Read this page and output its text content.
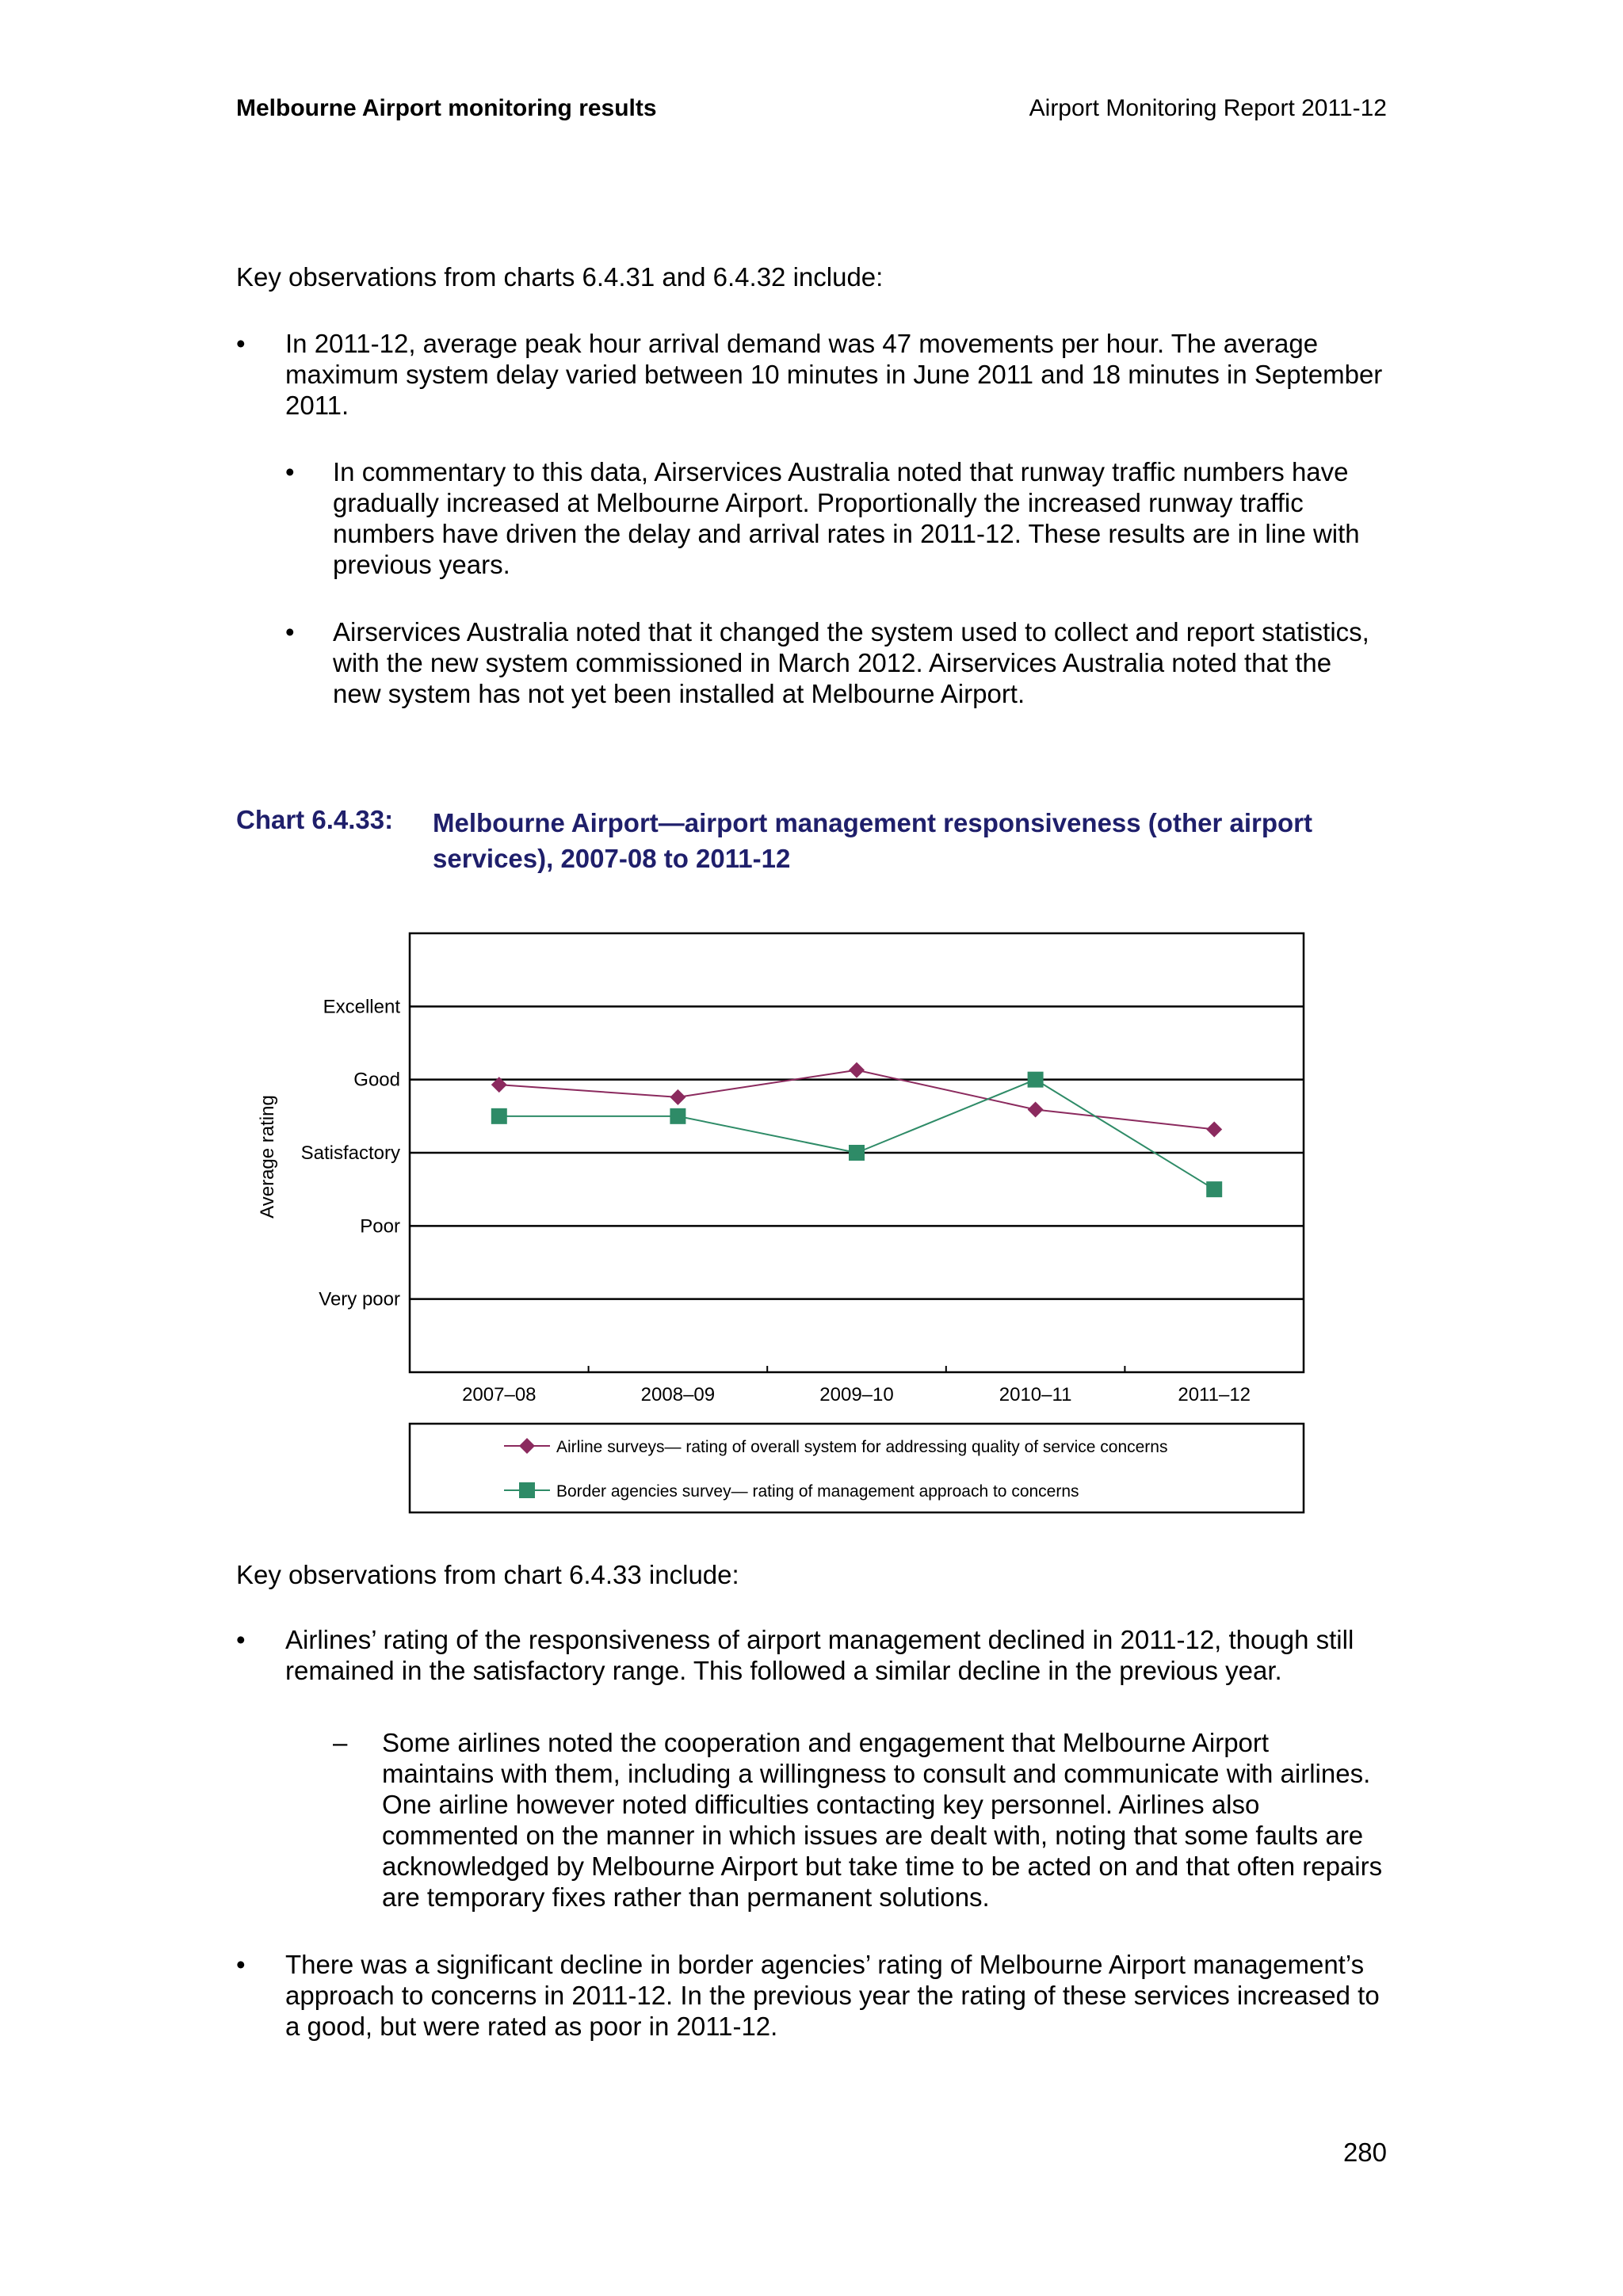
Melbourne Airport monitoring results	Airport Monitoring Report 2011-12
Key observations from charts 6.4.31 and 6.4.32 include:
• In 2011-12, average peak hour arrival demand was 47 movements per hour. The average maximum system delay varied between 10 minutes in June 2011 and 18 minutes in September 2011.
• In commentary to this data, Airservices Australia noted that runway traffic numbers have gradually increased at Melbourne Airport. Proportionally the increased runway traffic numbers have driven the delay and arrival rates in 2011-12. These results are in line with previous years.
• Airservices Australia noted that it changed the system used to collect and report statistics, with the new system commissioned in March 2012. Airservices Australia noted that the new system has not yet been installed at Melbourne Airport.
Chart 6.4.33: Melbourne Airport—airport management responsiveness (other airport services), 2007-08 to 2011-12
Excellent
Good
Satisfactory
Poor
Very poor
2007–08	2008–09	2009–10	2010–11	2011–12
Average rating
Airline surveys— rating of overall system for addressing quality of service concerns
Border agencies survey— rating of management approach to concerns
Key observations from chart 6.4.33 include:
• Airlines’ rating of the responsiveness of airport management declined in 2011-12, though still remained in the satisfactory range. This followed a similar decline in the previous year.
– Some airlines noted the cooperation and engagement that Melbourne Airport maintains with them, including a willingness to consult and communicate with airlines. One airline however noted difficulties contacting key personnel. Airlines also commented on the manner in which issues are dealt with, noting that some faults are acknowledged by Melbourne Airport but take time to be acted on and that often repairs are temporary fixes rather than permanent solutions.
• There was a significant decline in border agencies’ rating of Melbourne Airport management’s approach to concerns in 2011-12. In the previous year the rating of these services increased to a good, but were rated as poor in 2011-12.
280
